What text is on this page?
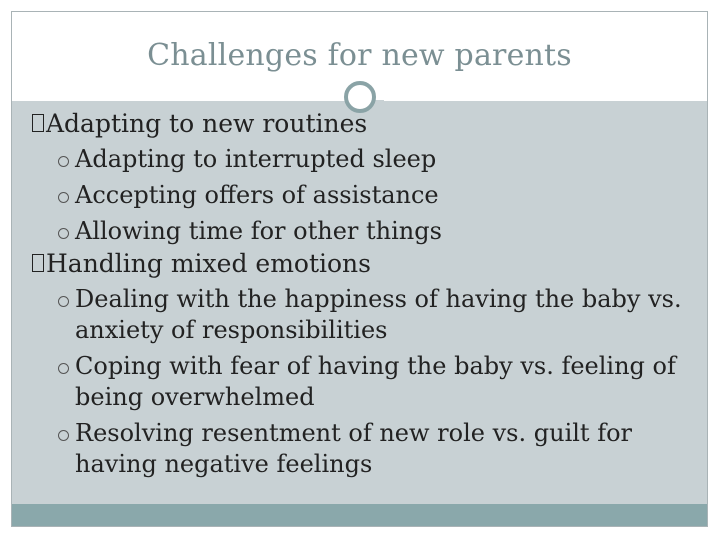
Challenges for new parents
Adapting to new routines
Adapting to interrupted sleep
Accepting offers of assistance
Allowing time for other things
Handling mixed emotions
Dealing with the happiness of having the baby vs. anxiety of responsibilities
Coping with fear of having the baby vs. feeling of being overwhelmed
Resolving resentment of new role vs. guilt for having negative feelings
